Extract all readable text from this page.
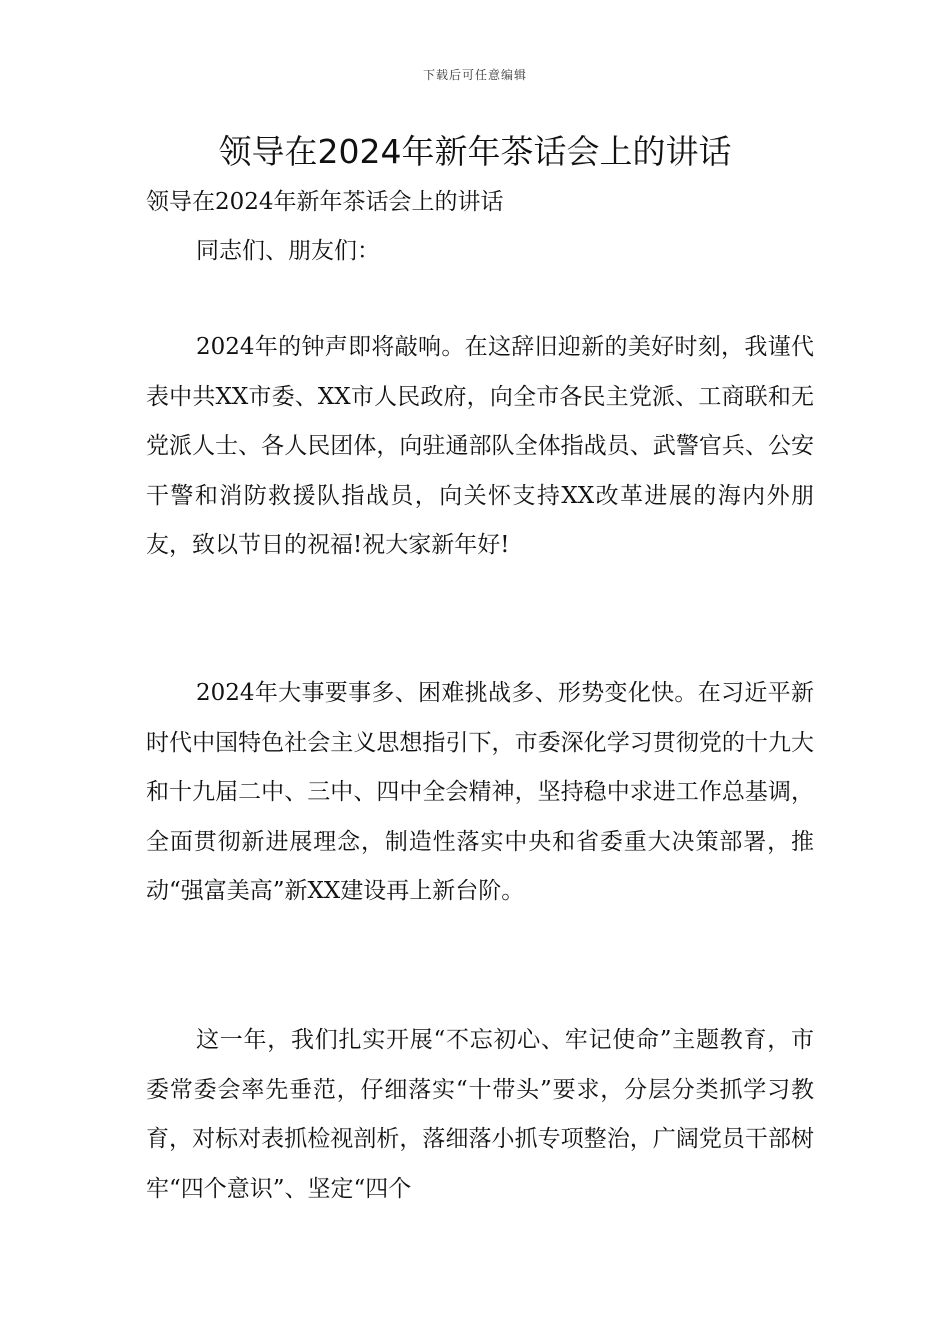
下载后可任意编辑
领导在2024年新年茶话会上的讲话
领导在2024年新年茶话会上的讲话
同志们、朋友们：

2024年的钟声即将敲响。在这辞旧迎新的美好时刻，我谨代表中共XX市委、XX市人民政府，向全市各民主党派、工商联和无党派人士、各人民团体，向驻通部队全体指战员、武警官兵、公安干警和消防救援队指战员，向关怀支持XX改革进展的海内外朋友，致以节日的祝福!祝大家新年好!

2024年大事要事多、困难挑战多、形势变化快。在习近平新时代中国特色社会主义思想指引下，市委深化学习贯彻党的十九大和十九届二中、三中、四中全会精神，坚持稳中求进工作总基调，全面贯彻新进展理念，制造性落实中央和省委重大决策部署，推动“强富美高”新XX建设再上新台阶。

这一年，我们扎实开展“不忘初心、牢记使命”主题教育，市委常委会率先垂范，仔细落实“十带头”要求，分层分类抓学习教育，对标对表抓检视剖析，落细落小抓专项整治，广阔党员干部树牢“四个意识”、坚定“四个
